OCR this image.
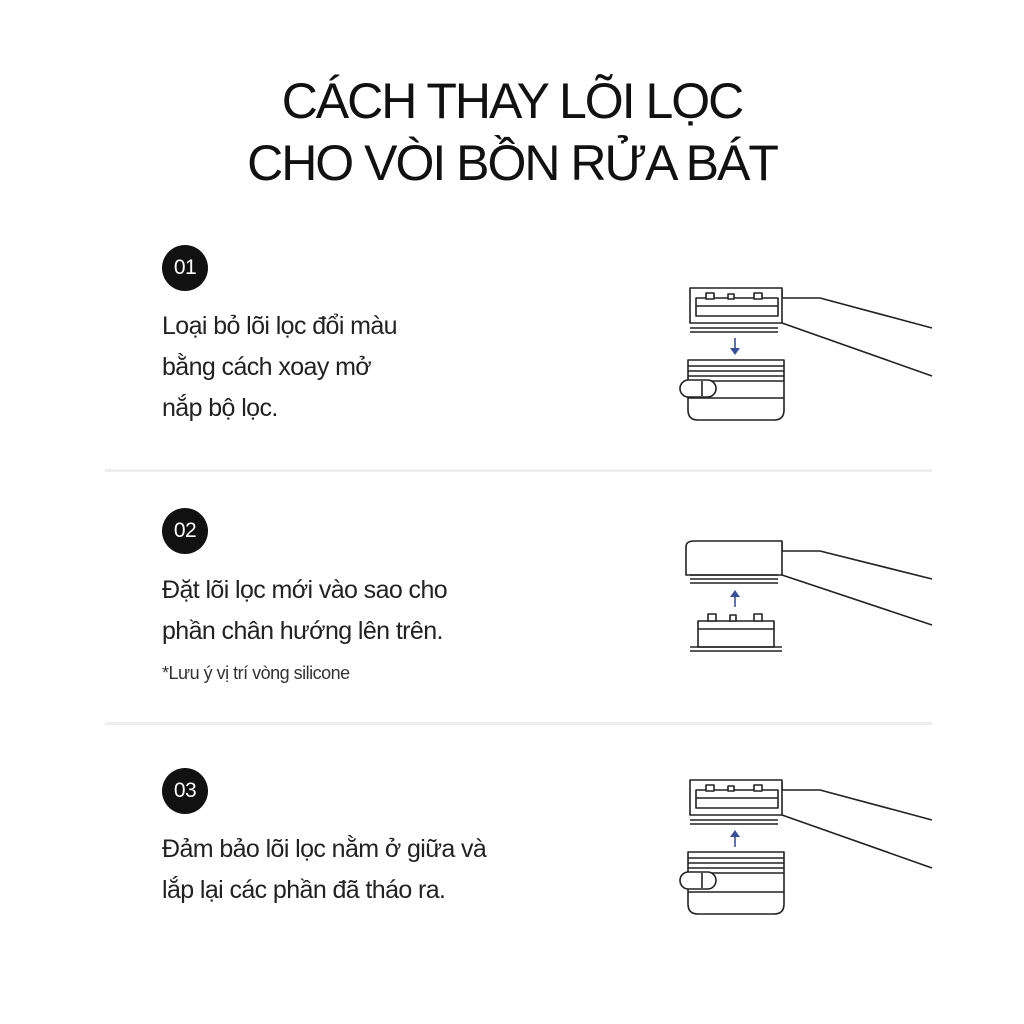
CÁCH THAY LÕI LỌC
CHO VÒI BỒN RỬA BÁT
01

Loại bỏ lõi lọc đổi màu
bằng cách xoay mở
nắp bộ lọc.

02

Đặt lõi lọc mới vào sao cho
phần chân hướng lên trên.

*Lưu ý vị trí vòng silicone

03

Đảm bảo lõi lọc nằm ở giữa và
lắp lại các phần đã tháo ra.
